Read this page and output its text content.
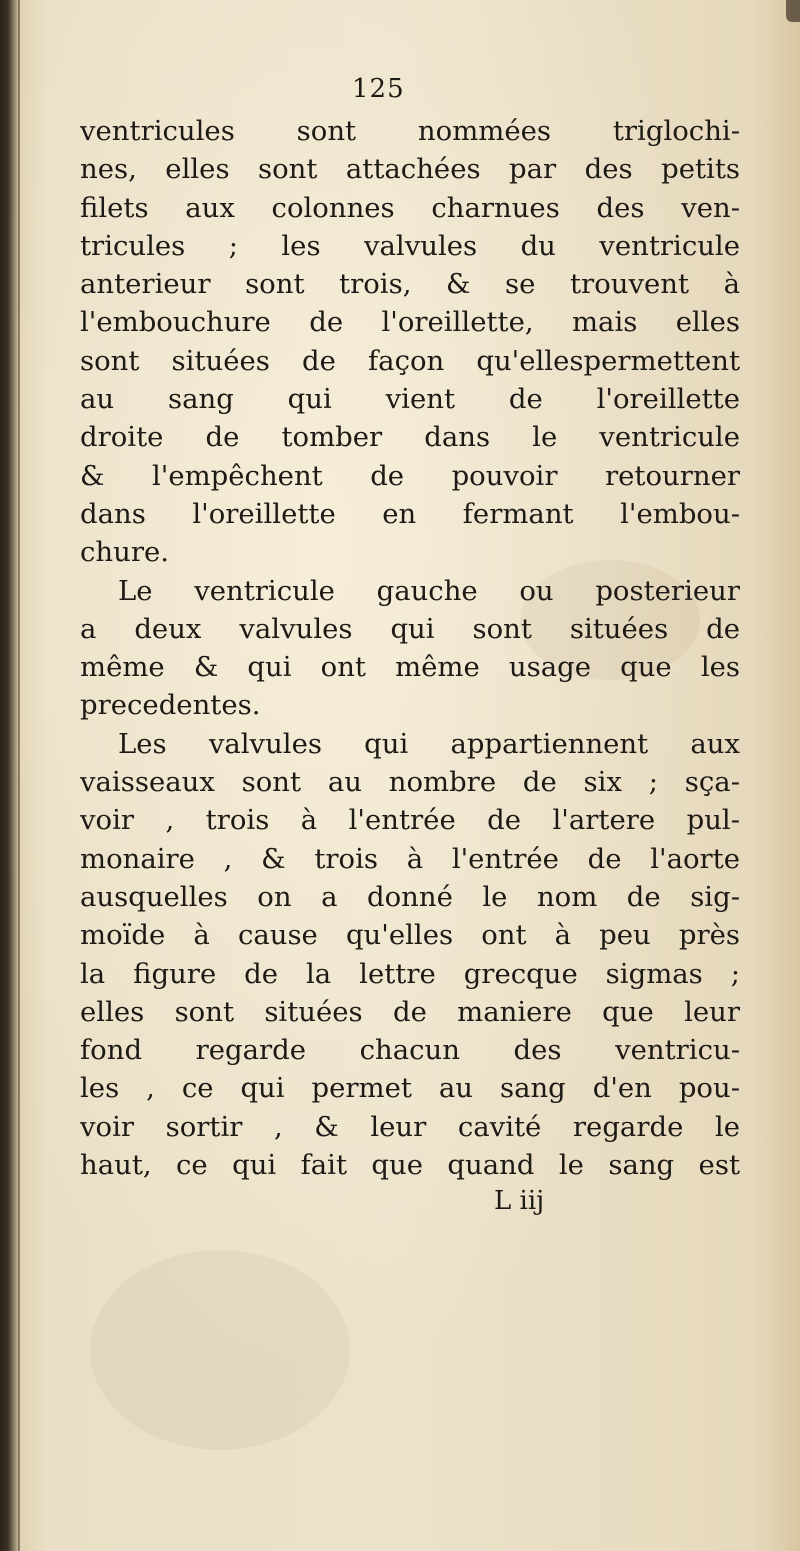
125
ventricules sont nommées triglochi-
nes, elles sont attachées par des petits
filets aux colonnes charnues des ven-
tricules ; les valvules du ventricule
anterieur sont trois, & se trouvent à
l'embouchure de l'oreillette, mais elles
sont situées de façon qu'ellespermettent
au sang qui vient de l'oreillette
droite de tomber dans le ventricule
& l'empêchent de pouvoir retourner
dans l'oreillette en fermant l'embou-
chure.
Le ventricule gauche ou posterieur
a deux valvules qui sont situées de
même & qui ont même usage que les
precedentes.
Les valvules qui appartiennent aux
vaisseaux sont au nombre de six ; sça-
voir , trois à l'entrée de l'artere pul-
monaire , & trois à l'entrée de l'aorte
ausquelles on a donné le nom de sig-
moïde à cause qu'elles ont à peu près
la figure de la lettre grecque sigmas ;
elles sont situées de maniere que leur
fond regarde chacun des ventricu-
les , ce qui permet au sang d'en pou-
voir sortir , & leur cavité regarde le
haut, ce qui fait que quand le sang est
L iij
